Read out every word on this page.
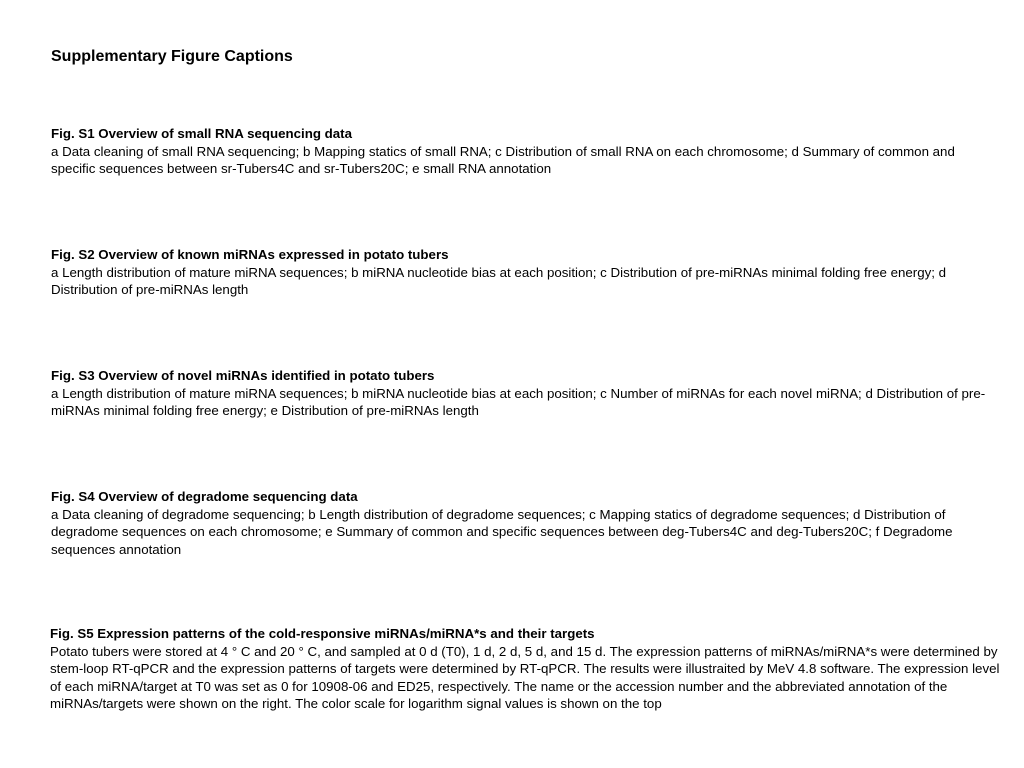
Supplementary Figure Captions
Fig. S1 Overview of small RNA sequencing data
a Data cleaning of small RNA sequencing; b Mapping statics of small RNA; c Distribution of small RNA on each chromosome; d Summary of common and specific sequences between sr-Tubers4C and sr-Tubers20C; e small RNA annotation
Fig. S2 Overview of known miRNAs expressed in potato tubers
a Length distribution of mature miRNA sequences; b miRNA nucleotide bias at each position; c Distribution of pre-miRNAs minimal folding free energy; d Distribution of pre-miRNAs length
Fig. S3 Overview of novel miRNAs identified in potato tubers
a Length distribution of mature miRNA sequences; b miRNA nucleotide bias at each position; c Number of miRNAs for each novel miRNA; d Distribution of pre-miRNAs minimal folding free energy; e Distribution of pre-miRNAs length
Fig. S4 Overview of degradome sequencing data
a Data cleaning of degradome sequencing; b Length distribution of degradome sequences; c Mapping statics of degradome sequences; d Distribution of degradome sequences on each chromosome; e Summary of common and specific sequences between deg-Tubers4C and deg-Tubers20C; f Degradome sequences annotation
Fig. S5 Expression patterns of the cold-responsive miRNAs/miRNA*s and their targets
Potato tubers were stored at 4 ° C and 20 ° C, and sampled at 0 d (T0), 1 d, 2 d, 5 d, and 15 d. The expression patterns of miRNAs/miRNA*s were determined by stem-loop RT-qPCR and the expression patterns of targets were determined by RT-qPCR. The results were illustraited by MeV 4.8 software. The expression level of each miRNA/target at T0 was set as 0 for 10908-06 and ED25, respectively. The name or the accession number and the abbreviated annotation of the miRNAs/targets were shown on the right. The color scale for logarithm signal values is shown on the top
